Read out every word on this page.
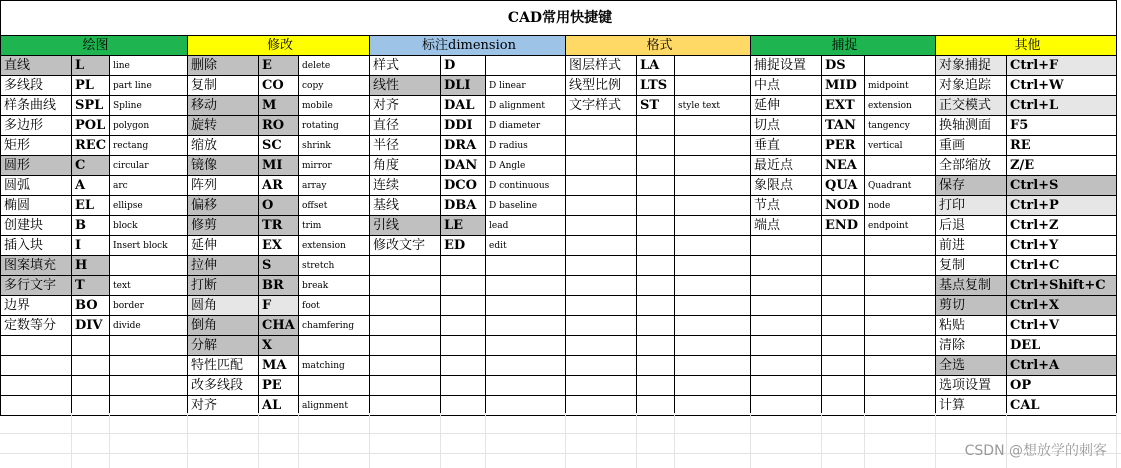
CAD常用快捷键																
绘图			修改			标注dimension			格式			捕捉			其他	
直线	L	line	删除	E	delete	样式	D		图层样式	LA		捕捉设置	DS		对象捕捉	Ctrl+F
多线段	PL	part line	复制	CO	copy	线性	DLI	D linear	线型比例	LTS		中点	MID	midpoint	对象追踪	Ctrl+W
样条曲线	SPL	Spline	移动	M	mobile	对齐	DAL	D alignment	文字样式	ST	style text	延伸	EXT	extension	正交模式	Ctrl+L
多边形	POL	polygon	旋转	RO	rotating	直径	DDI	D diameter				切点	TAN	tangency	换轴测面	F5
矩形	REC	rectang	缩放	SC	shrink	半径	DRA	D radius				垂直	PER	vertical	重画	RE
圆形	C	circular	镜像	MI	mirror	角度	DAN	D Angle				最近点	NEA		全部缩放	Z/E
圆弧	A	arc	阵列	AR	array	连续	DCO	D continuous				象限点	QUA	Quadrant	保存	Ctrl+S
椭圆	EL	ellipse	偏移	O	offset	基线	DBA	D baseline				节点	NOD	node	打印	Ctrl+P
创建块	B	block	修剪	TR	trim	引线	LE	lead				端点	END	endpoint	后退	Ctrl+Z
插入块	I	Insert block	延伸	EX	extension	修改文字	ED	edit							前进	Ctrl+Y
图案填充	H		拉伸	S	stretch										复制	Ctrl+C
多行文字	T	text	打断	BR	break										基点复制	Ctrl+Shift+C
边界	BO	border	圆角	F	foot										剪切	Ctrl+X
定数等分	DIV	divide	倒角	CHA	chamfering										粘贴	Ctrl+V
			分解	X											清除	DEL
			特性匹配	MA	matching										全选	Ctrl+A
			改多线段	PE											选项设置	OP
			对齐	AL	alignment										计算	CAL
CSDN @想放学的刺客
